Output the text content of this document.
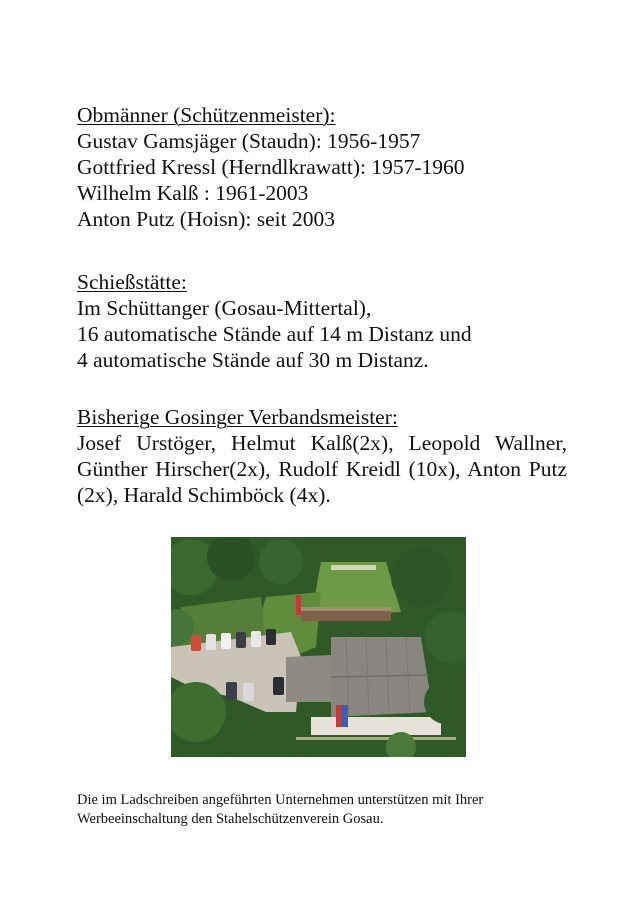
Obmänner (Schützenmeister):
Gustav Gamsjäger (Staudn): 1956-1957
Gottfried Kressl (Herndlkrawatt): 1957-1960
Wilhelm Kalß : 1961-2003
Anton Putz (Hoisn): seit 2003
Schießstätte:
Im Schüttanger (Gosau-Mittertal),
16 automatische Stände auf 14 m Distanz und
4 automatische Stände auf 30 m Distanz.
Bisherige Gosinger Verbandsmeister:
Josef Urstöger, Helmut Kalß(2x), Leopold Wallner, Günther Hirscher(2x), Rudolf Kreidl (10x), Anton Putz (2x), Harald Schimböck (4x).
Die im Ladschreiben angeführten Unternehmen unterstützen mit Ihrer Werbeeinschaltung den Stahelschützenverein Gosau.
